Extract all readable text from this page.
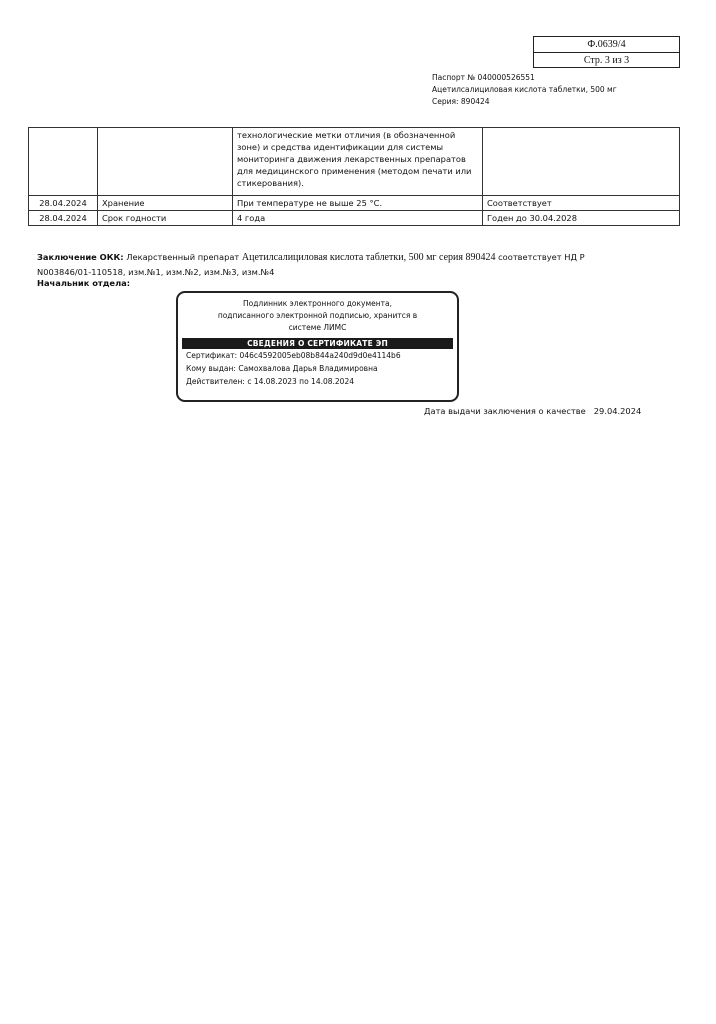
Ф.0639/4
Стр. 3 из 3
Паспорт № 040000526551
Ацетилсалициловая кислота таблетки, 500 мг
Серия: 890424
		технологические метки отличия (в обозначенной зоне) и средства идентификации для системы мониторинга движения лекарственных препаратов для медицинского применения (методом печати или стикерования).	
28.04.2024	Хранение	При температуре не выше 25 °С.	Соответствует
28.04.2024	Срок годности	4 года	Годен до 30.04.2028
Заключение ОКК: Лекарственный препарат Ацетилсалициловая кислота таблетки, 500 мг серия 890424 соответствует НД Р N003846/01-110518, изм.№1, изм.№2, изм.№3, изм.№4
Начальник отдела:
Подлинник электронного документа,
подписанного электронной подписью, хранится в
системе ЛИМС
СВЕДЕНИЯ О СЕРТИФИКАТЕ ЭП
Сертификат: 046c4592005eb08b844a240d9d0e4114b6
Кому выдан: Самохвалова Дарья Владимировна
Действителен: с 14.08.2023 по 14.08.2024
Дата выдачи заключения о качестве 29.04.2024
